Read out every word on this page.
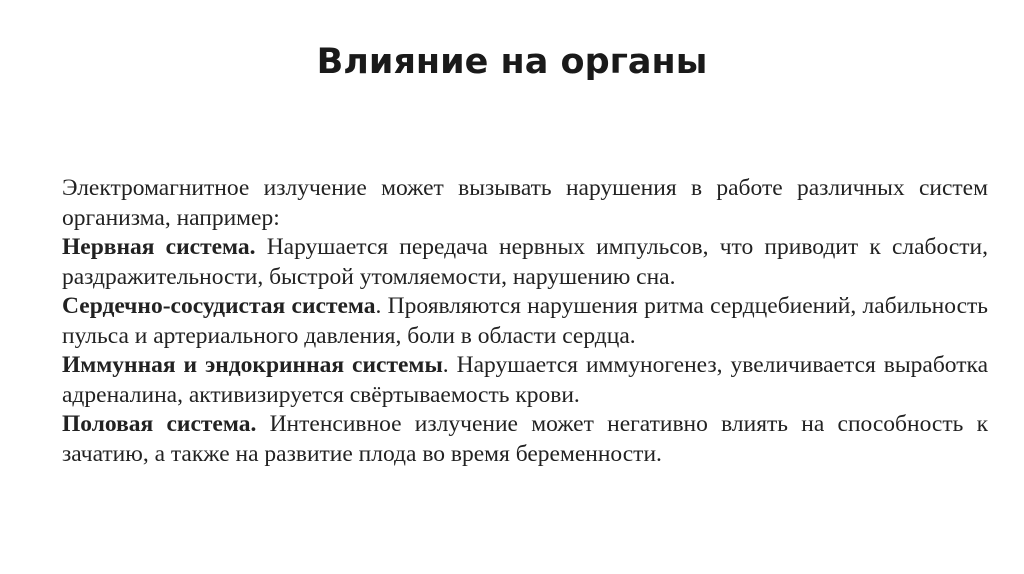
Влияние на органы

Электромагнитное излучение может вызывать нарушения в работе различных систем организма, например:

Нервная система. Нарушается передача нервных импульсов, что приводит к слабости, раздражительности, быстрой утомляемости, нарушению сна.

Сердечно-сосудистая система. Проявляются нарушения ритма сердцебиений, лабильность пульса и артериального давления, боли в области сердца.

Иммунная и эндокринная системы. Нарушается иммуногенез, увеличивается выработка адреналина, активизируется свёртываемость крови.

Половая система. Интенсивное излучение может негативно влиять на способность к зачатию, а также на развитие плода во время беременности.
